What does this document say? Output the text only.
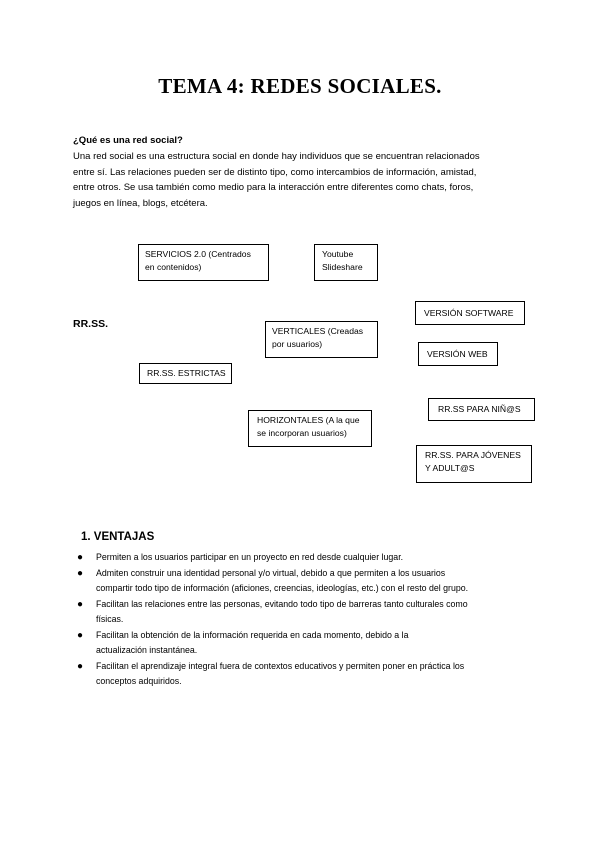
TEMA 4: REDES SOCIALES.
¿Qué es una red social?
Una red social es una estructura social en donde hay individuos que se encuentran relacionados
entre sí. Las relaciones pueden ser de distinto tipo, como intercambios de información, amistad,
entre otros. Se usa también como medio para la interacción entre diferentes como chats, foros,
juegos en línea, blogs, etcétera.
RR.SS.
SERVICIOS 2.0 (Centrados
en contenidos)
Youtube
Slideshare
VERSIÓN SOFTWARE
VERTICALES (Creadas
por usuarios)
VERSIÓN WEB
RR.SS. ESTRICTAS
HORIZONTALES (A la que
se incorporan usuarios)
RR.SS PARA NIÑ@S
RR.SS. PARA JÓVENES
Y ADULT@S
1. VENTAJAS
● Permiten a los usuarios participar en un proyecto en red desde cualquier lugar.
● Admiten construir una identidad personal y/o virtual, debido a que permiten a los usuarios
compartir todo tipo de información (aficiones, creencias, ideologías, etc.) con el resto del grupo.
● Facilitan las relaciones entre las personas, evitando todo tipo de barreras tanto culturales como
físicas.
● Facilitan la obtención de la información requerida en cada momento, debido a la
actualización instantánea.
● Facilitan el aprendizaje integral fuera de contextos educativos y permiten poner en práctica los
conceptos adquiridos.
